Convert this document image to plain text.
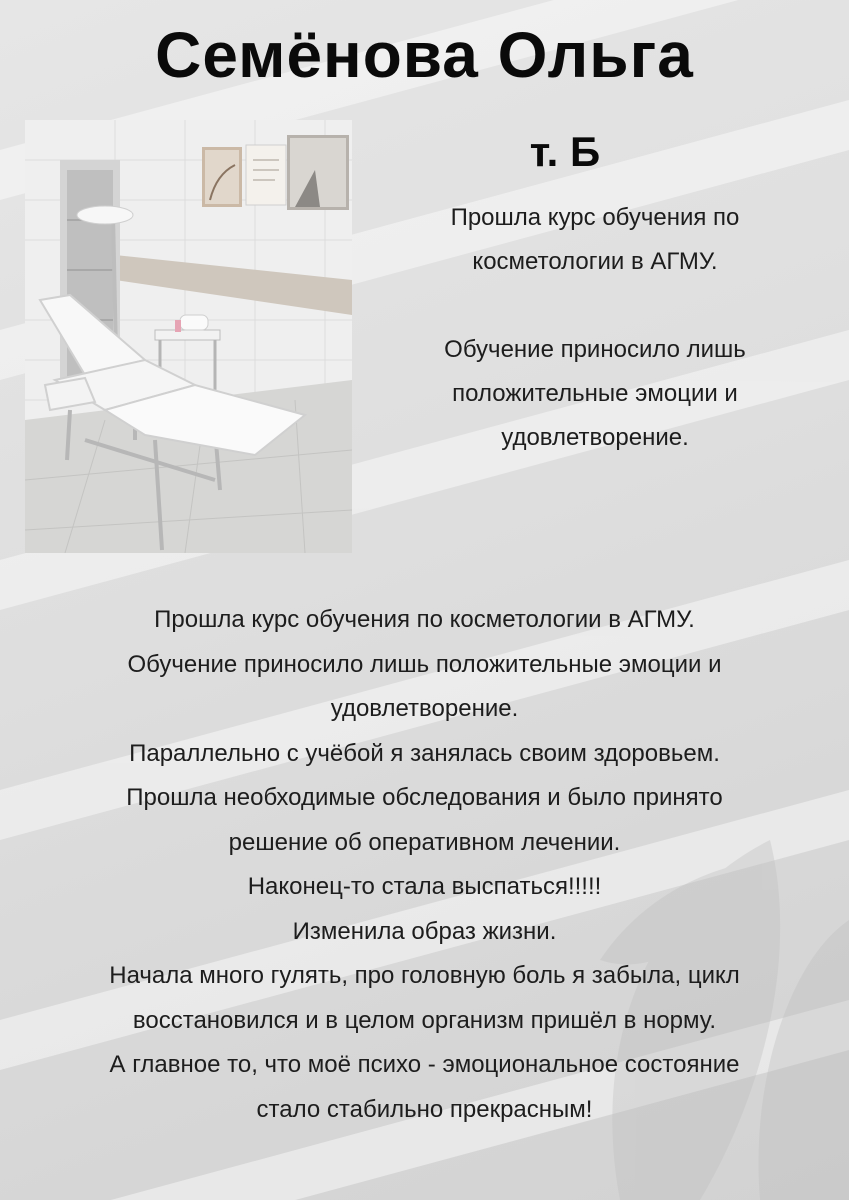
Семёнова Ольга
т. Б

Прошла курс обучения по

косметологии в АГМУ.

Обучение приносило лишь

положительные эмоции и

удовлетворение.

Прошла курс обучения по косметологии в АГМУ.

Обучение приносило лишь положительные эмоции и

удовлетворение.

Параллельно с учёбой я занялась своим здоровьем.

Прошла необходимые обследования и было принято

решение об оперативном лечении.

Наконец-то стала выспаться!!!!!

Изменила образ жизни.

Начала много гулять, про головную боль я забыла, цикл

восстановился и в целом организм пришёл в норму.

А главное то, что моё психо - эмоциональное состояние

стало стабильно прекрасным!
